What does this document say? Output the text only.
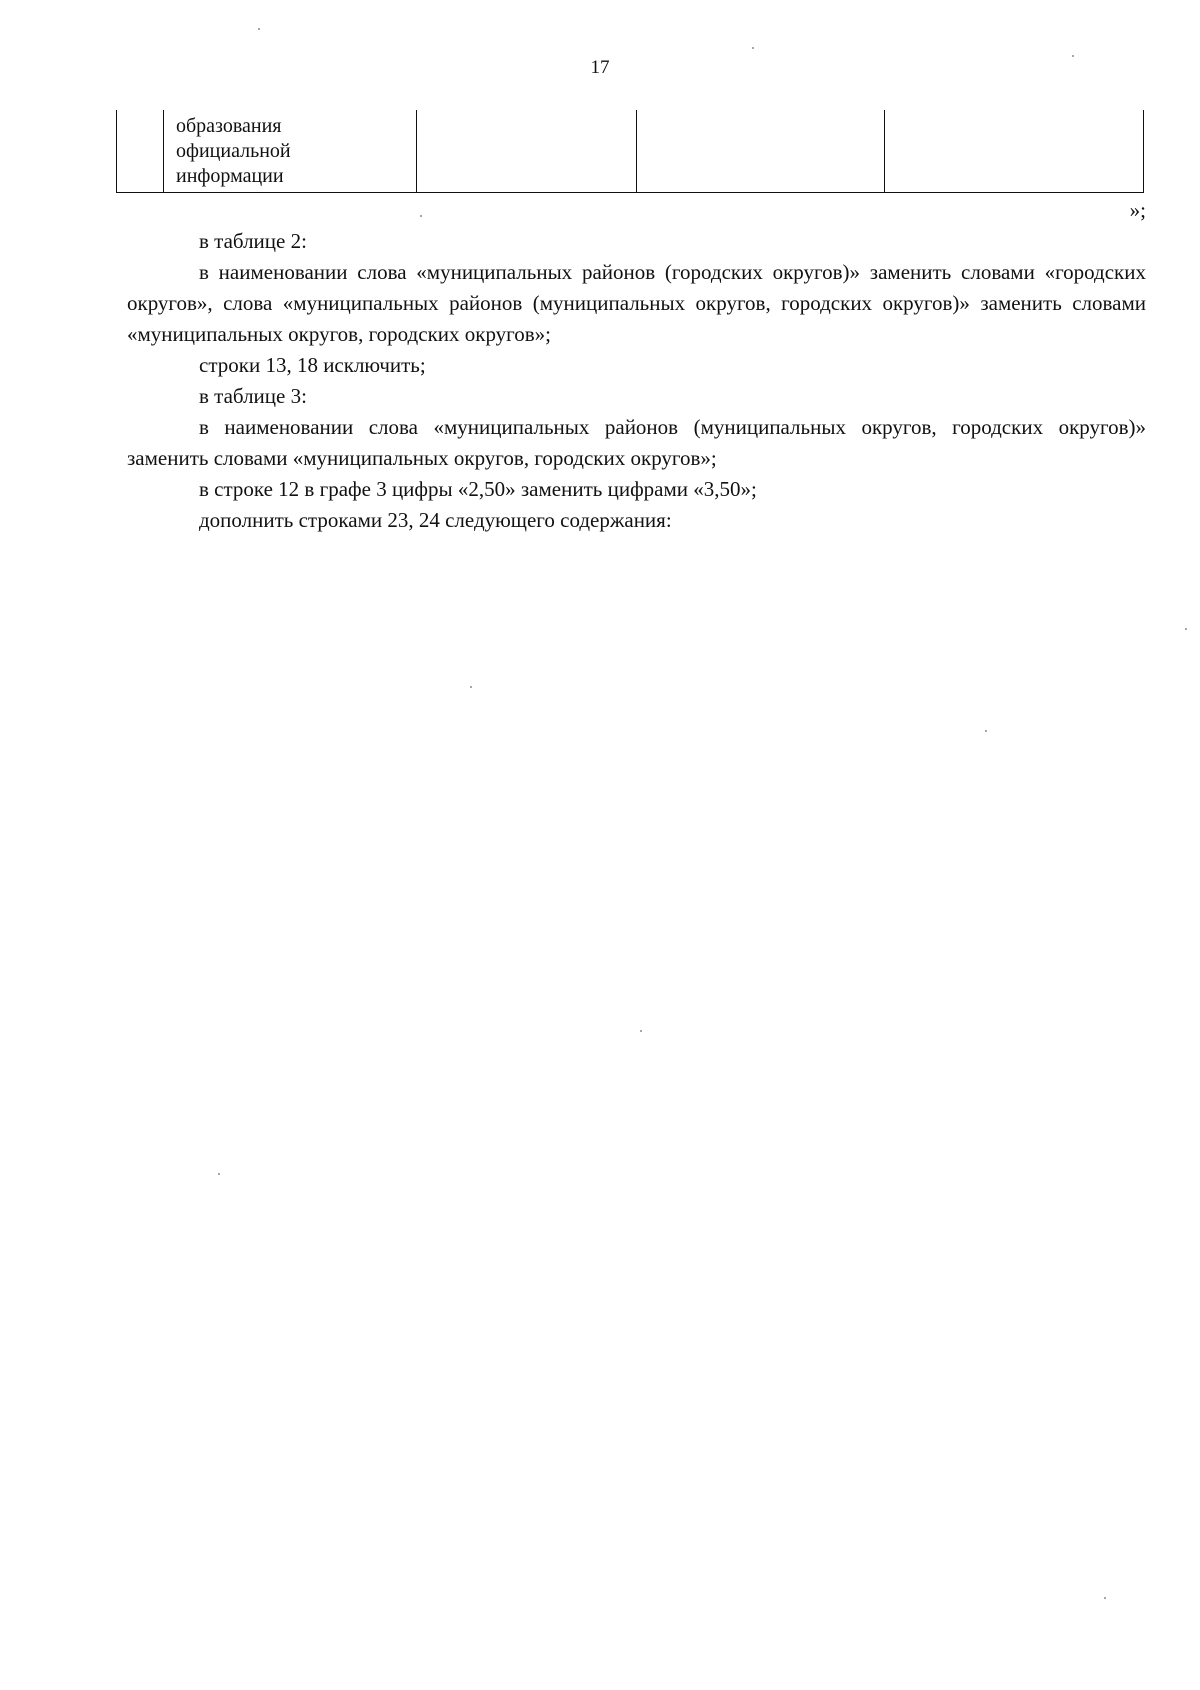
17

образования
официальной
информации

»;

в таблице 2:

в наименовании слова «муниципальных районов (городских округов)» заменить словами «городских округов», слова «муниципальных районов (муниципальных округов, городских округов)» заменить словами «муниципальных округов, городских округов»;

строки 13, 18 исключить;

в таблице 3:

в наименовании слова «муниципальных районов (муниципальных округов, городских округов)» заменить словами «муниципальных округов, городских округов»;

в строке 12 в графе 3 цифры «2,50» заменить цифрами «3,50»;

дополнить строками 23, 24 следующего содержания:
